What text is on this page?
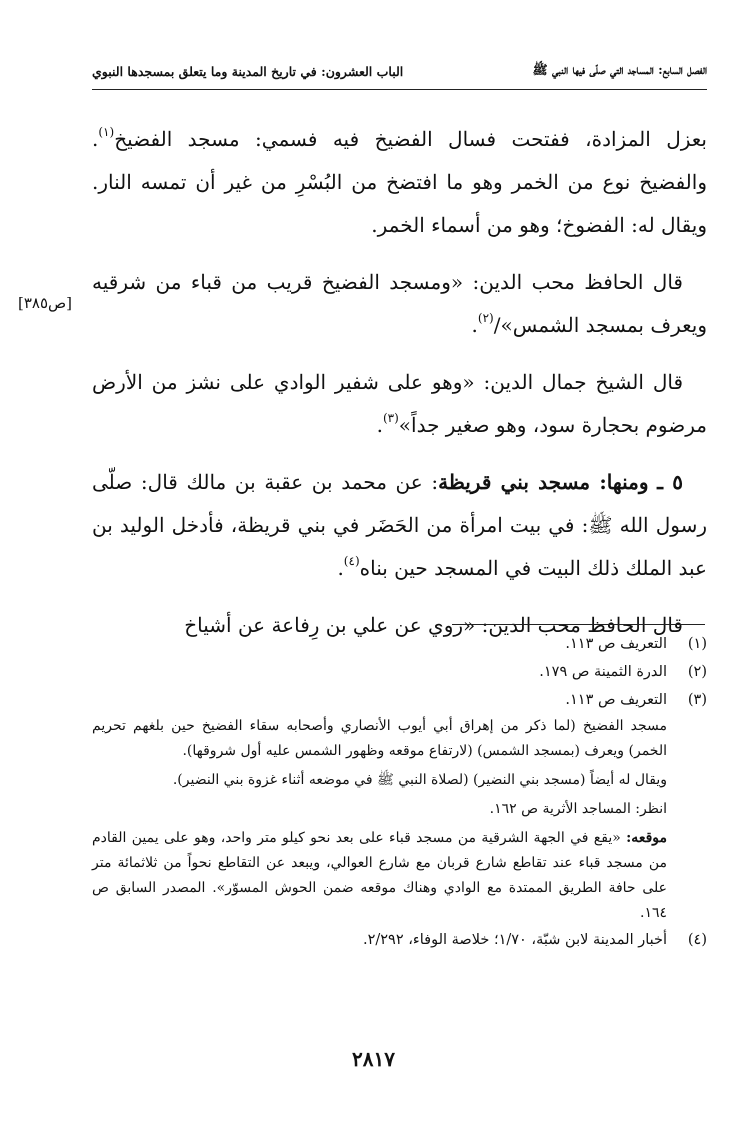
الفصل السابع: المساجد التي صلّى فيها النبي ﷺ
الباب العشرون: في تاريخ المدينة وما يتعلق بمسجدها النبوي

بعزل المزادة، ففتحت فسال الفضيخ فيه فسمي: مسجد الفضيخ$^{(١)}$. والفضيخ نوع من الخمر وهو ما افتضخ من البُسْرِ من غير أن تمسه النار. ويقال له: الفضوخ؛ وهو من أسماء الخمر.

قال الحافظ محب الدين: «ومسجد الفضيخ قريب من قباء من شرقيه ويعرف بمسجد الشمس»/$^{(٢)}$.

قال الشيخ جمال الدين: «وهو على شفير الوادي على نشز من الأرض مرضوم بحجارة سود، وهو صغير جداً»$^{(٣)}$.

٥ ـ ومنها: مسجد بني قريظة: عن محمد بن عقبة بن مالك قال: صلّى رسول الله ﷺ: في بيت امرأة من الحَضَر في بني قريظة، فأدخل الوليد بن عبد الملك ذلك البيت في المسجد حين بناه$^{(٤)}$.

قال الحافظ محب الدين: «روي عن علي بن رِفاعة عن أشياخ

[ص٣٨٥]
(١)
التعريف ص ١١٣.
(٢)
الدرة الثمينة ص ١٧٩.
(٣)
التعريف ص ١١٣.

مسجد الفضيخ (لما ذكر من إهراق أبي أيوب الأنصاري وأصحابه سقاء الفضيخ حين بلغهم تحريم الخمر) ويعرف (بمسجد الشمس) (لارتفاع موقعه وظهور الشمس عليه أول شروقها).

ويقال له أيضاً (مسجد بني النضير) (لصلاة النبي ﷺ في موضعه أثناء غزوة بني النضير).

انظر: المساجد الأثرية ص ١٦٢.

موقعه: «يقع في الجهة الشرقية من مسجد قباء على بعد نحو كيلو متر واحد، وهو على يمين القادم من مسجد قباء عند تقاطع شارع قربان مع شارع العوالي، ويبعد عن التقاطع نحواً من ثلاثمائة متر على حافة الطريق الممتدة مع الوادي وهناك موقعه ضمن الحوش المسوّر». المصدر السابق ص ١٦٤.

(٤)
أخبار المدينة لابن شبّة، ١/٧٠؛ خلاصة الوفاء، ٢/٢٩٢.
٢٨١٧
